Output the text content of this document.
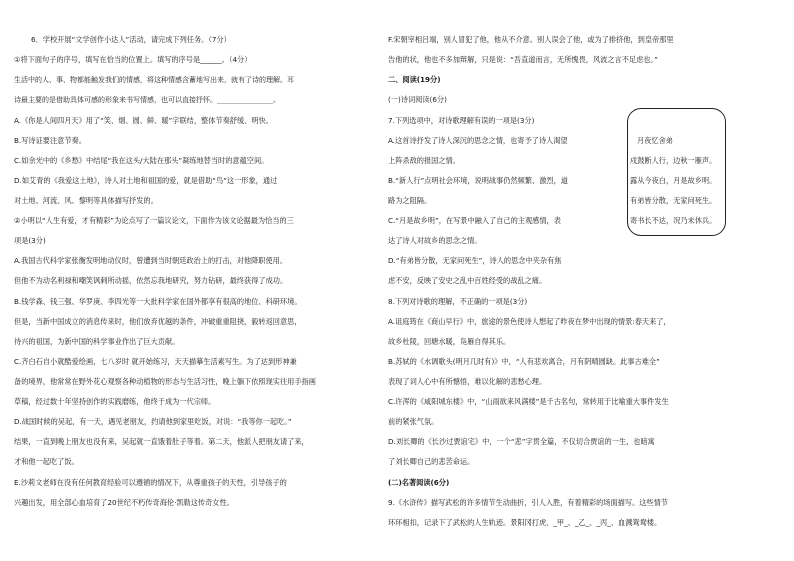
6．学校开展“文学创作小达人”活动，请完成下列任务。（7分）
①将下面句子的序号，填写在恰当的位置上。填写的序号是______。（4分）
生活中的人、事、物都能触发我们的情感，将这种情感含蓄地写出来，就有了诗的理解。耳
诗最主要的是借助具体可感的形象来书写情感，也可以直接抒怀。________________。
A.《你是人间四月天》用了“笑、烟、圆、鲜、暖”字联结，整体节奏舒缓、明快。
B.写诗证要注意节奏。
C.如余光中的《乡愁》中结尾“我在这头/大陆在那头”凝练地替当时的意蕴空间。
D.如艾青的《我爱这土地》，诗人对土地和祖国的爱，就是借助“鸟”这一形象，通过
对土地、河流、风、黎明等具体描写抒发的。
②小明以“人生有爱，才有精彩”为论点写了一篇议论文，下面作为该文论据最为恰当的三
项是(3分)
A.我国古代科学家张衡发明地动仪时，曾遭到当时朝廷政治上的打击，对他降职使用。
但他不为动名利禄和嘲笑讽刺所动摇，依然忘我地研究，努力钻研，最终获得了成功。
B.钱学森、钱三强、华罗庚、李四光等一大批科学家在国外都享有很高的地位、科研环境。
但是，当新中国成立的消息传来时，他们放弃优越的条件，冲破重重阻挠，毅转返回意思，
待兴的祖国，为新中国的科学事业作出了巨大贡献。
C.齐白石自小就酷爱绘画，七八岁时 就开始练习，天天描摹生活素写生。为了达到形神兼
备的境界，他常常在野外花心观察各种动植物的形态与生活习性，晚上躺下依照现实往用手指画
草稿，经过数十年坚持创作的实践磨练，他终于成为一代宗师。
D.战国时候的吴起，有一天，遇见老朋友，约请他到家里吃饭，对说：“我等你一起吃。”
结果，一直到晚上朋友也没有来，吴起就一直饿着肚子等着。第二天，他派人把朋友请了来，
才和他一起吃了饭。
E.沙莉文老师在没有任何教育经验可以遵循的情况下，从尊重孩子的天性，引导孩子的
兴趣出发，用全部心血培育了20世纪不朽传奇海伦·凯勒这传奇女性。
F.宋朝宰相吕端，别人冒犯了他，他从不介意。别人误会了他，或为了排挤他，到皇帝那里
告他的状，他也不多加辩解，只是说：“吾直道而言，无所愧畏，风波之言不足虑也。”
二、阅读(19分)
(一)诗词阅读(6分)
7.下列选项中，对诗歌理解有误的一项是(3分)
A.这首诗抒发了诗人深沉的思念之情，也寄予了诗人渴望
上阵杀敌的报国之情。
B.“新人行”点明社会环境，说明战事仍然频繁、激烈，道
路为之阻隔。
C.“月是故乡明”，在写景中融入了自己的主观感情，表
达了诗人对故乡的思念之情。
D.“有弟皆分散，无家问死生”，诗人的思念中夹杂有焦
虑不安，反映了安史之乱中百姓经受的战乱之痛。
8.下列对诗歌的理解，不正确的一项是(3分)
A.诅庭筠在《商山早行》中，旅途的景色使诗人想起了昨夜在梦中出现的情景:春天来了，
故乡杜陵，回塘水暖，凫雁自得其乐。
B.苏轼的《水调歌头(明月几时有)》中，“人有悲欢离合，月有阴晴圆缺。此事古难全”
表现了词人心中有所憾悟，难以化解的悲愁心理。
C.许浑的《咸阳城东楼》中，“山雨欲来风满楼”是千古名句，常转用于比喻重大事件发生
前的紧张气氛。
D.刘长卿的《长沙过贾谊宅》中，一个“悲”字贯全篇，不仅切合贾谊的一生，也暗寓
了刘长卿自己的悲苦命运。
(二)名著阅读(6分)
9.《水浒传》描写武松的许多情节生动曲折，引人入胜，有着精彩的场面描写。这些情节
环环相扣，记录下了武松的人生轨迹。景阳冈打虎、_甲_、_乙_、_丙_、血溅鸳鸯楼。
月夜忆舍弟
戍鼓断人行，边秋一雁声。
露从今夜白，月是故乡明。
有弟皆分散，无家问死生。
寄书长不达，况乃未休兵。
